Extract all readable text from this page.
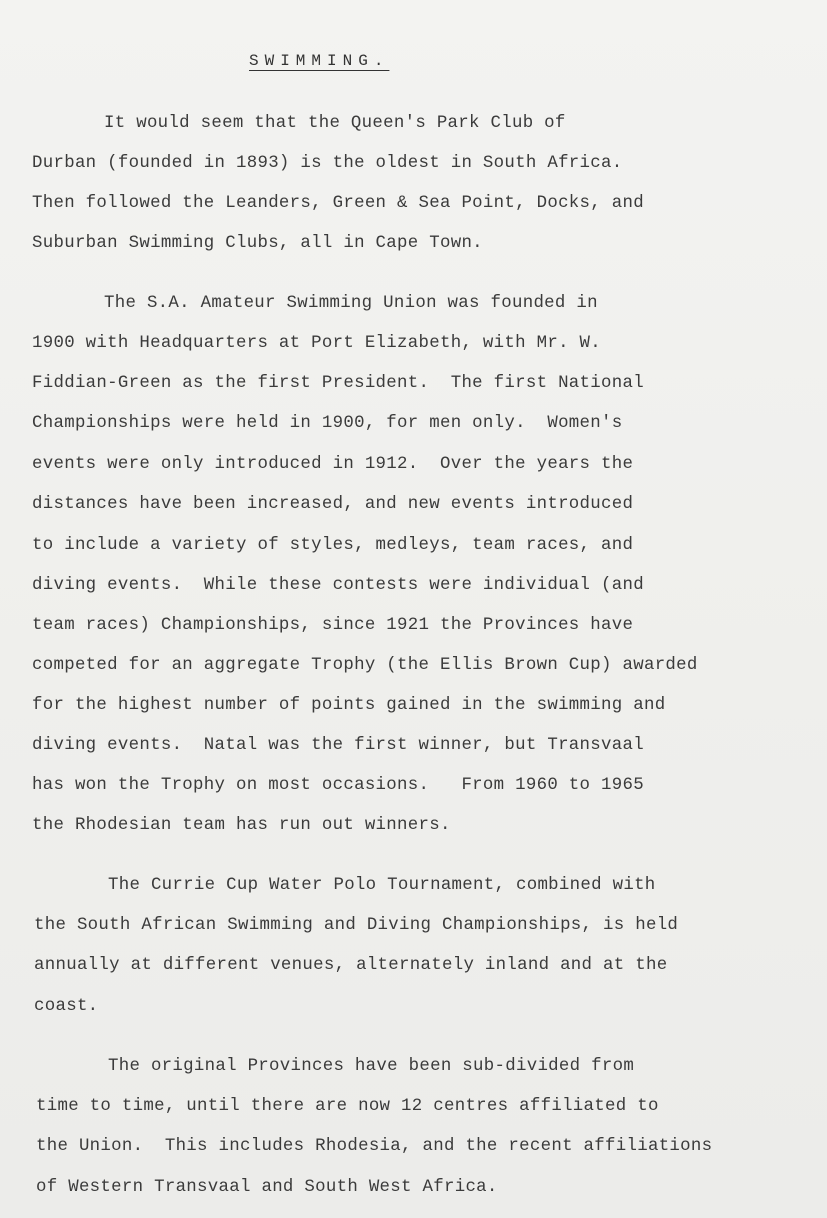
SWIMMING.
It would seem that the Queen's Park Club of
Durban (founded in 1893) is the oldest in South Africa.
Then followed the Leanders, Green & Sea Point, Docks, and
Suburban Swimming Clubs, all in Cape Town.
The S.A. Amateur Swimming Union was founded in
1900 with Headquarters at Port Elizabeth, with Mr. W.
Fiddian-Green as the first President.  The first National
Championships were held in 1900, for men only.  Women's
events were only introduced in 1912.  Over the years the
distances have been increased, and new events introduced
to include a variety of styles, medleys, team races, and
diving events.  While these contests were individual (and
team races) Championships, since 1921 the Provinces have
competed for an aggregate Trophy (the Ellis Brown Cup) awarded
for the highest number of points gained in the swimming and
diving events.  Natal was the first winner, but Transvaal
has won the Trophy on most occasions.   From 1960 to 1965
the Rhodesian team has run out winners.
The Currie Cup Water Polo Tournament, combined with
the South African Swimming and Diving Championships, is held
annually at different venues, alternately inland and at the
coast.
The original Provinces have been sub-divided from
time to time, until there are now 12 centres affiliated to
the Union.  This includes Rhodesia, and the recent affiliations
of Western Transvaal and South West Africa.
